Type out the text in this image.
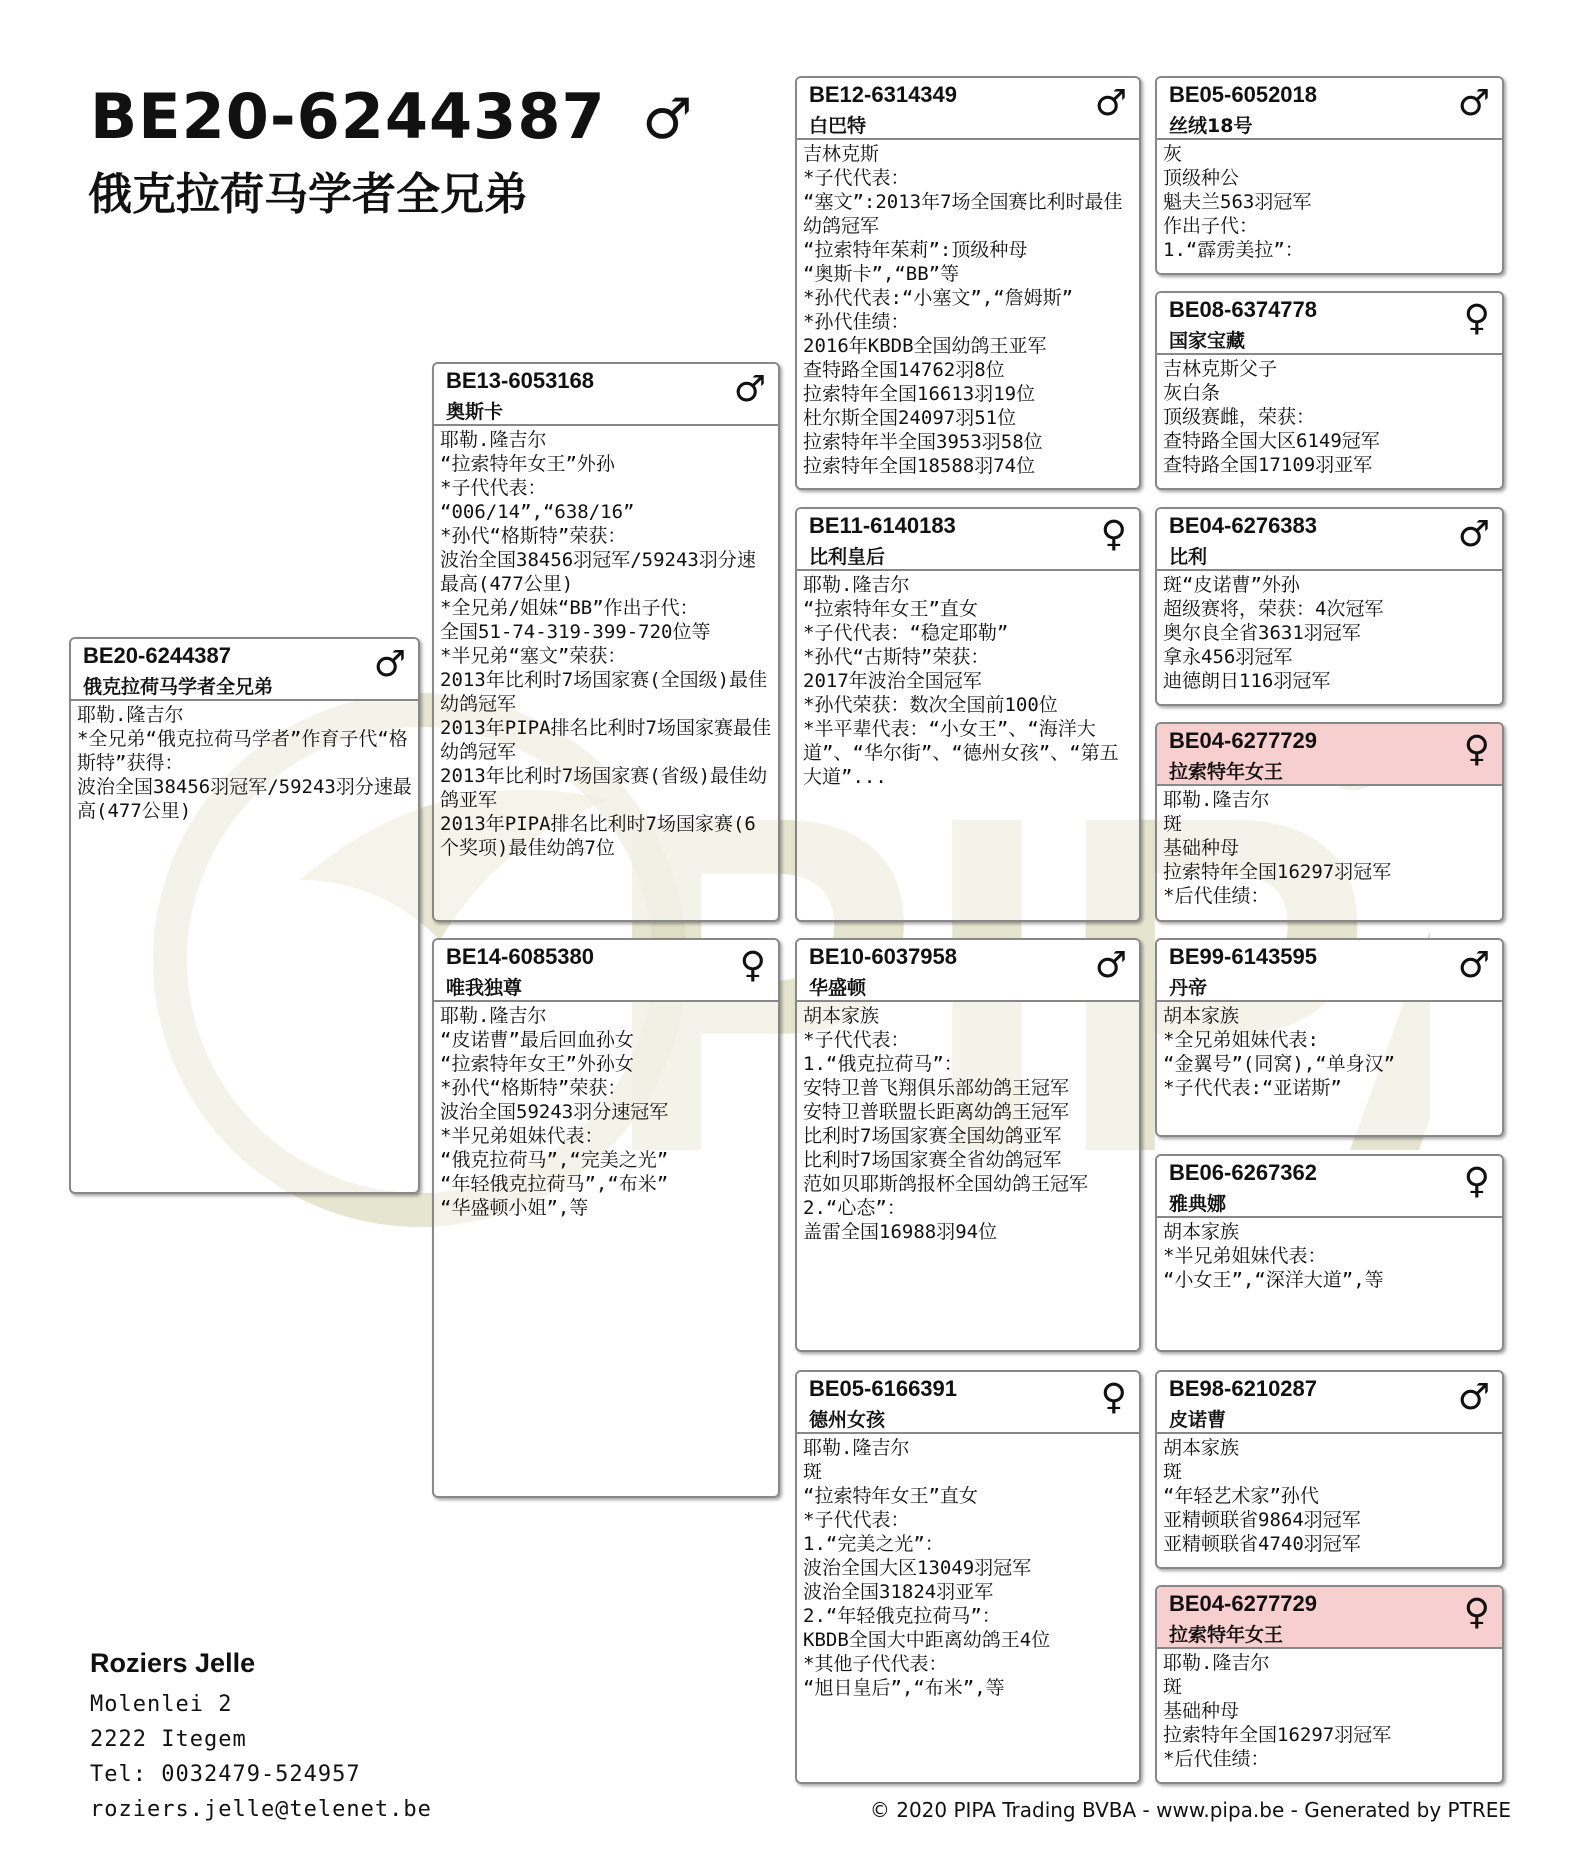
BE20-6244387 ♂
俄克拉荷马学者全兄弟
BE20-6244387
俄克拉荷马学者全兄弟
♂
耶勒.隆吉尔
*全兄弟“俄克拉荷马学者”作育子代“格斯特”获得：
波治全国38456羽冠军/59243羽分速最高(477公里)
BE13-6053168
奥斯卡
♂
耶勒.隆吉尔
“拉索特年女王”外孙
*子代代表：
“006/14”,“638/16”
*孙代“格斯特”荣获：
波治全国38456羽冠军/59243羽分速最高(477公里)
*全兄弟/姐妹“BB”作出子代：
全国51-74-319-399-720位等
*半兄弟“塞文”荣获：
2013年比利时7场国家赛(全国级)最佳幼鸽冠军
2013年PIPA排名比利时7场国家赛最佳幼鸽冠军
2013年比利时7场国家赛(省级)最佳幼鸽亚军
2013年PIPA排名比利时7场国家赛(6个奖项)最佳幼鸽7位
BE14-6085380
唯我独尊
♀
耶勒.隆吉尔
“皮诺曹”最后回血孙女
“拉索特年女王”外孙女
*孙代“格斯特”荣获：
波治全国59243羽分速冠军
*半兄弟姐妹代表：
“俄克拉荷马”,“完美之光”
“年轻俄克拉荷马”,“布米”
“华盛顿小姐”,等
BE12-6314349
白巴特
♂
吉林克斯
*子代代表：
“塞文”:2013年7场全国赛比利时最佳幼鸽冠军
“拉索特年茱莉”:顶级种母
“奥斯卡”,“BB”等
*孙代代表:“小塞文”,“詹姆斯”
*孙代佳绩：
2016年KBDB全国幼鸽王亚军
查特路全国14762羽8位
拉索特年全国16613羽19位
杜尔斯全国24097羽51位
拉索特年半全国3953羽58位
拉索特年全国18588羽74位
BE11-6140183
比利皇后
♀
耶勒.隆吉尔
“拉索特年女王”直女
*子代代表：“稳定耶勒”
*孙代“古斯特”荣获：
2017年波治全国冠军
*孙代荣获：数次全国前100位
*半平辈代表：“小女王”、“海洋大道”、“华尔街”、“德州女孩”、“第五大道”...
BE10-6037958
华盛顿
♂
胡本家族
*子代代表：
1.“俄克拉荷马”：
安特卫普飞翔俱乐部幼鸽王冠军
安特卫普联盟长距离幼鸽王冠军
比利时7场国家赛全国幼鸽亚军
比利时7场国家赛全省幼鸽冠军
范如贝耶斯鸽报杯全国幼鸽王冠军
2.“心态”：
盖雷全国16988羽94位
BE05-6166391
德州女孩
♀
耶勒.隆吉尔
斑
“拉索特年女王”直女
*子代代表：
1.“完美之光”：
波治全国大区13049羽冠军
波治全国31824羽亚军
2.“年轻俄克拉荷马”：
KBDB全国大中距离幼鸽王4位
*其他子代代表：
“旭日皇后”,“布米”,等
BE05-6052018
丝绒18号
♂
灰
顶级种公
魁夫兰563羽冠军
作出子代：
1.“霹雳美拉”：
BE08-6374778
国家宝藏
♀
吉林克斯父子
灰白条
顶级赛雌，荣获：
查特路全国大区6149冠军
查特路全国17109羽亚军
BE04-6276383
比利
♂
斑“皮诺曹”外孙
超级赛将，荣获：4次冠军
奥尔良全省3631羽冠军
拿永456羽冠军
迪德朗日116羽冠军
BE04-6277729
拉索特年女王
♀
耶勒.隆吉尔
斑
基础种母
拉索特年全国16297羽冠军
*后代佳绩：
BE99-6143595
丹帝
♂
胡本家族
*全兄弟姐妹代表:
“金翼号”(同窝),“单身汉”
*子代代表:“亚诺斯”
BE06-6267362
雅典娜
♀
胡本家族
*半兄弟姐妹代表：
“小女王”,“深洋大道”,等
BE98-6210287
皮诺曹
♂
胡本家族
斑
“年轻艺术家”孙代
亚精顿联省9864羽冠军
亚精顿联省4740羽冠军
BE04-6277729
拉索特年女王
♀
耶勒.隆吉尔
斑
基础种母
拉索特年全国16297羽冠军
*后代佳绩：
Roziers Jelle
Molenlei 2
2222 Itegem
Tel: 0032479-524957
roziers.jelle@telenet.be	© 2020 PIPA Trading BVBA - www.pipa.be - Generated by PTREE
